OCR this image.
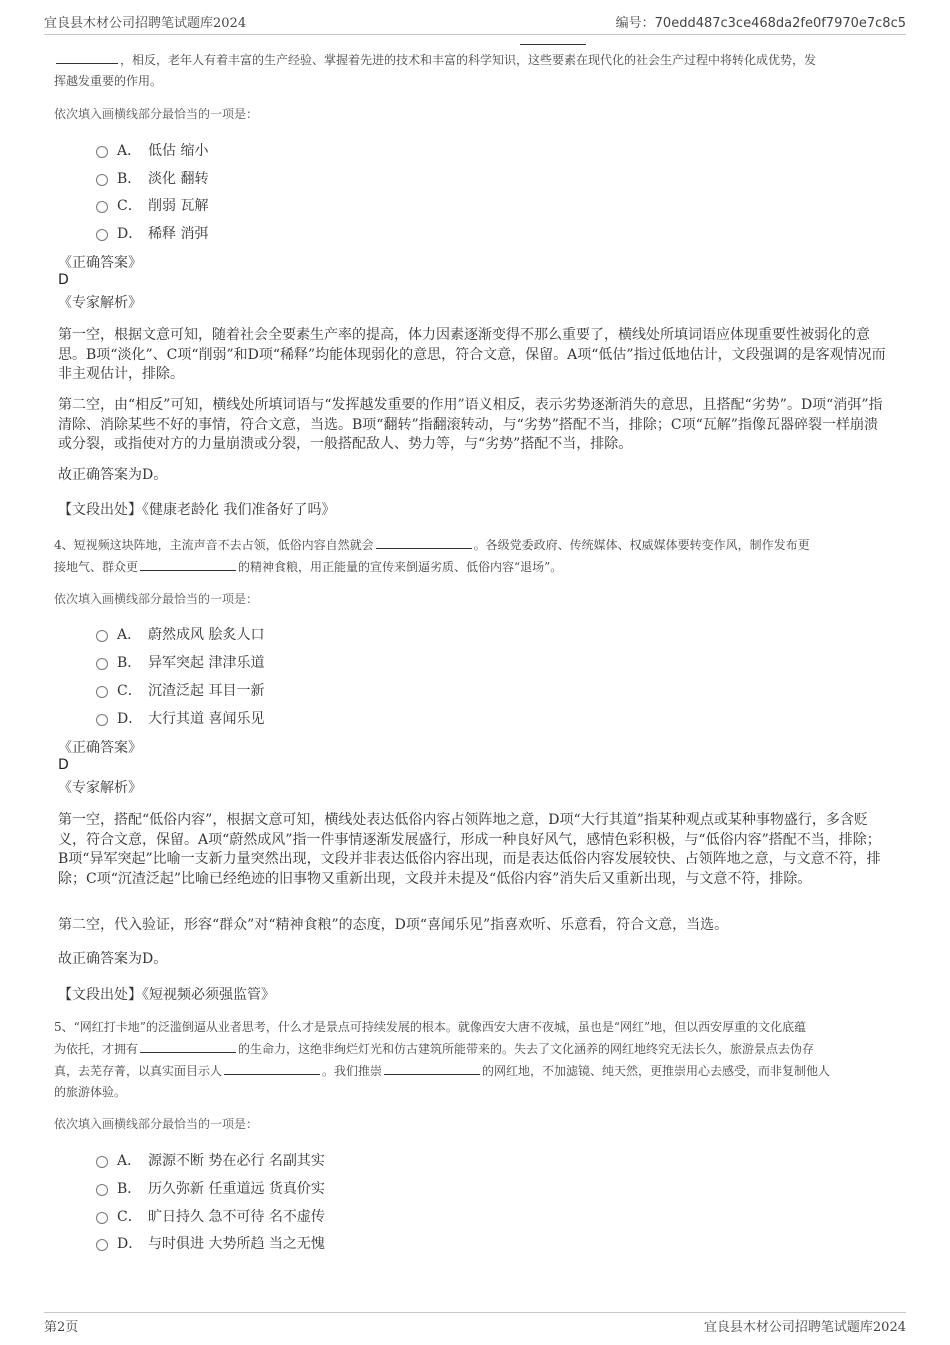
宜良县木材公司招聘笔试题库2024	编号：70edd487c3ce468da2fe0f7970e7c8c5
，相反，老年人有着丰富的生产经验、掌握着先进的技术和丰富的科学知识，这些要素在现代化的社会生产过程中将转化成优势，发
挥越发重要的作用。
依次填入画横线部分最恰当的一项是：
A． 低估 缩小
B． 淡化 翻转
C． 削弱 瓦解
D． 稀释 消弭
《正确答案》
D
《专家解析》
第一空，根据文意可知，随着社会全要素生产率的提高，体力因素逐渐变得不那么重要了，横线处所填词语应体现重要性被弱化的意思。B项“淡化”、C项“削弱”和D项“稀释”均能体现弱化的意思，符合文意，保留。A项“低估”指过低地估计，文段强调的是客观情况而非主观估计，排除。
第二空，由“相反”可知，横线处所填词语与“发挥越发重要的作用”语义相反，表示劣势逐渐消失的意思，且搭配“劣势”。D项“消弭”指清除、消除某些不好的事情，符合文意，当选。B项“翻转”指翻滚转动，与“劣势”搭配不当，排除；C项“瓦解”指像瓦器碎裂一样崩溃或分裂，或指使对方的力量崩溃或分裂，一般搭配敌人、势力等，与“劣势”搭配不当，排除。
故正确答案为D。
【文段出处】《健康老龄化 我们准备好了吗》
4、短视频这块阵地，主流声音不去占领，低俗内容自然就会	。各级党委政府、传统媒体、权威媒体要转变作风，制作发布更
接地气、群众更	的精神食粮，用正能量的宣传来倒逼劣质、低俗内容“退场”。
依次填入画横线部分最恰当的一项是：
A． 蔚然成风 脍炙人口
B． 异军突起 津津乐道
C． 沉渣泛起 耳目一新
D． 大行其道 喜闻乐见
《正确答案》
D
《专家解析》
第一空，搭配“低俗内容”，根据文意可知，横线处表达低俗内容占领阵地之意，D项“大行其道”指某种观点或某种事物盛行，多含贬义，符合文意，保留。A项“蔚然成风”指一件事情逐渐发展盛行，形成一种良好风气，感情色彩积极，与“低俗内容”搭配不当，排除；B项“异军突起”比喻一支新力量突然出现，文段并非表达低俗内容出现，而是表达低俗内容发展较快、占领阵地之意，与文意不符，排除；C项“沉渣泛起”比喻已经绝迹的旧事物又重新出现，文段并未提及“低俗内容”消失后又重新出现，与文意不符，排除。
第二空，代入验证，形容“群众”对“精神食粮”的态度，D项“喜闻乐见”指喜欢听、乐意看，符合文意，当选。
故正确答案为D。
【文段出处】《短视频必须强监管》
5、“网红打卡地”的泛滥倒逼从业者思考，什么才是景点可持续发展的根本。就像西安大唐不夜城，虽也是“网红”地，但以西安厚重的文化底蕴
为依托，才拥有	的生命力，这绝非绚烂灯光和仿古建筑所能带来的。失去了文化涵养的网红地终究无法长久，旅游景点去伪存
真，去芜存菁，以真实面目示人	。我们推崇	的网红地，不加滤镜、纯天然，更推崇用心去感受，而非复制他人
的旅游体验。
依次填入画横线部分最恰当的一项是：
A． 源源不断 势在必行 名副其实
B． 历久弥新 任重道远 货真价实
C． 旷日持久 急不可待 名不虚传
D． 与时俱进 大势所趋 当之无愧
第2页	宜良县木材公司招聘笔试题库2024
